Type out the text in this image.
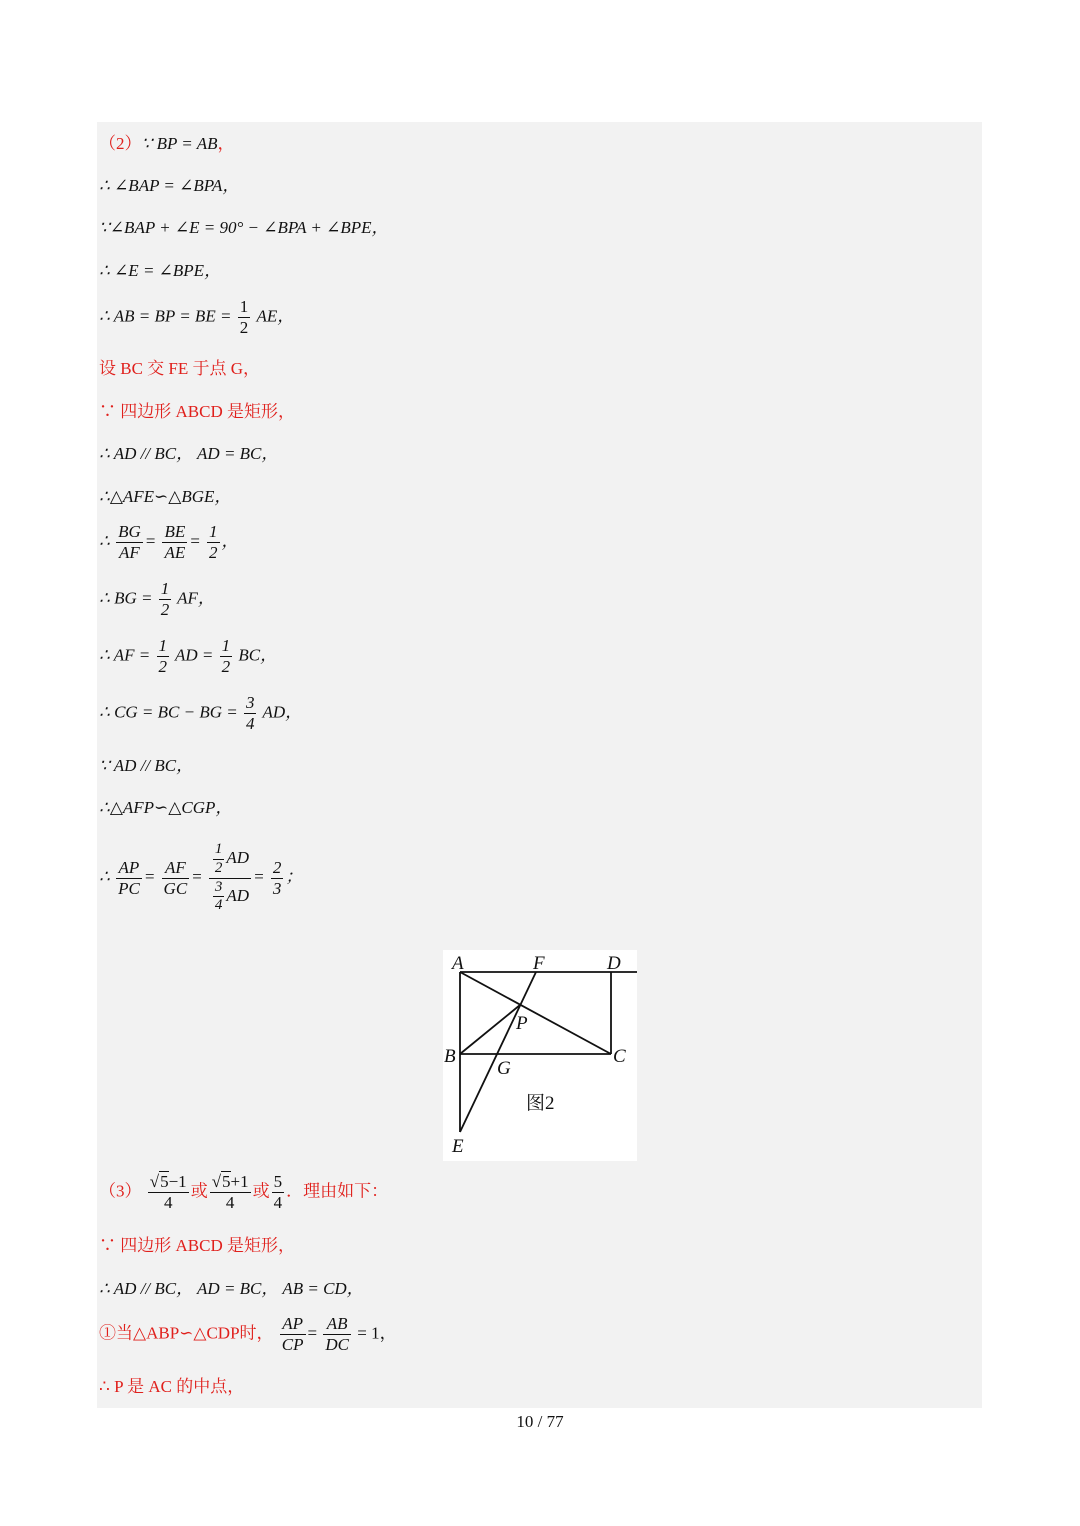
（2）∵ BP = AB，
∴ ∠BAP = ∠BPA，
∵∠BAP + ∠E = 90° − ∠BPA + ∠BPE，
∴ ∠E = ∠BPE，
∴ AB = BP = BE = $\frac{1}{2}$ AE，
设 BC 交 FE 于点 G，
∵ 四边形 ABCD 是矩形，
∴ AD // BC， AD = BC，
∴△AFE∽△BGE，
∴ $\frac{BG}{AF} = \frac{BE}{AE} = \frac{1}{2}$ ，
∴ BG = $\frac{1}{2}$ AF，
∴ AF = $\frac{1}{2}$ AD = $\frac{1}{2}$ BC，
∴ CG = BC − BG = $\frac{3}{4}$ AD，
∵ AD // BC，
∴△AFP∽△CGP，
∴ $\frac{AP}{PC} = \frac{AF}{GC} = \frac{\frac{1}{2} AD}{\frac{3}{4} AD} = \frac{2}{3}$ ；
A	F	D
P
B
G
C
E
图2
$(3) \frac{√5-1}{4}$ 或 $\frac{√5+1}{4}$ 或 $\frac{5}{4}$ ．理由如下：
∵ 四边形 ABCD 是矩形，
∴ AD // BC， AD = BC， AB = CD，
①当△ABP∽△CDP时， $\frac{AP}{CP} = \frac{AB}{DC} = 1$，
∴ P 是 AC 的中点，
10 / 77
